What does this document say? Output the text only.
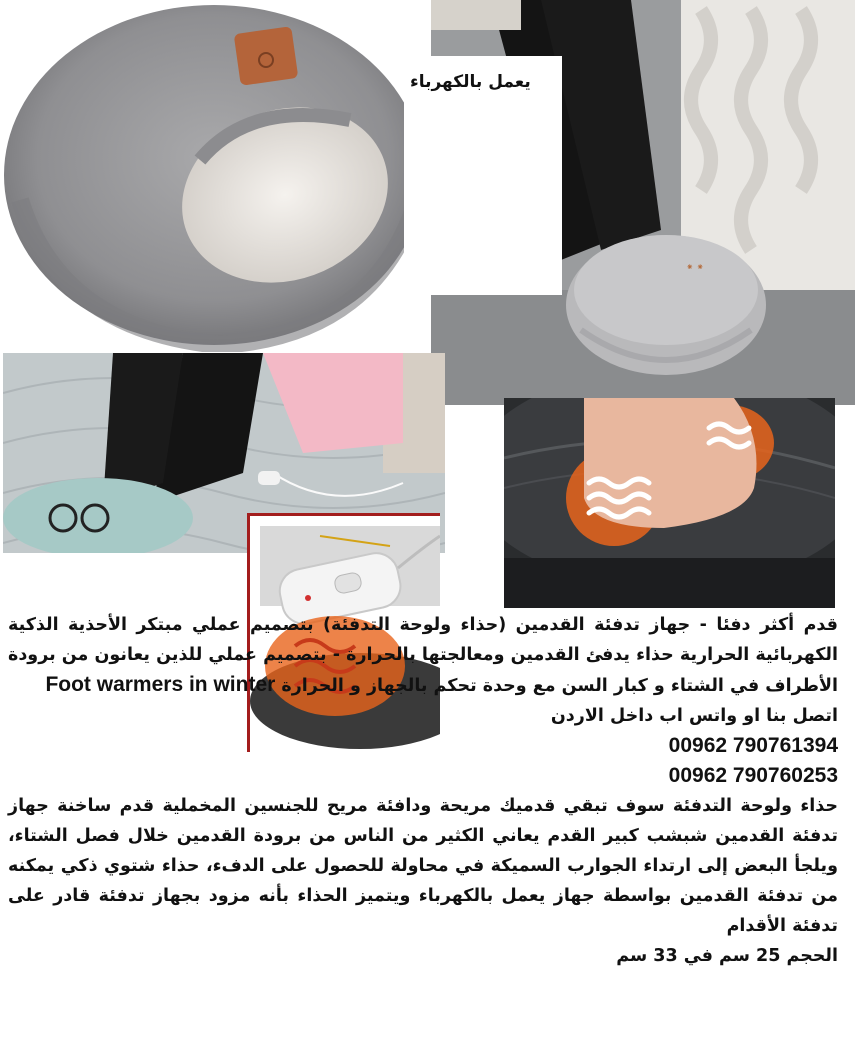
⁕ ⁕
يعمل بالكهرباء

قدم أكثر دفئا - جهاز تدفئة القدمين (حذاء ولوحة التدفئة) بتصميم عملي مبتكر الأحذية الذكية الكهربائية الحرارية حذاء يدفئ القدمين ومعالجتها بالحرارة - بتصميم عملي للذين يعانون من برودة الأطراف في الشتاء و كبار السن مع وحدة تحكم بالجهاز و الحرارة Foot warmers in winter

اتصل بنا او واتس اب داخل الاردن

00962 790761394

00962 790760253

حذاء ولوحة التدفئة سوف تبقي قدميك مريحة ودافئة مريح للجنسين المخملية قدم ساخنة جهاز تدفئة القدمين شبشب كبير القدم يعاني الكثير من الناس من برودة القدمين خلال فصل الشتاء، ويلجأ البعض إلى ارتداء الجوارب السميكة في محاولة للحصول على الدفء، حذاء شتوي ذكي يمكنه من تدفئة القدمين بواسطة جهاز يعمل بالكهرباء ويتميز الحذاء بأنه مزود بجهاز تدفئة قادر على تدفئة الأقدام

الحجم 25 سم في 33 سم
